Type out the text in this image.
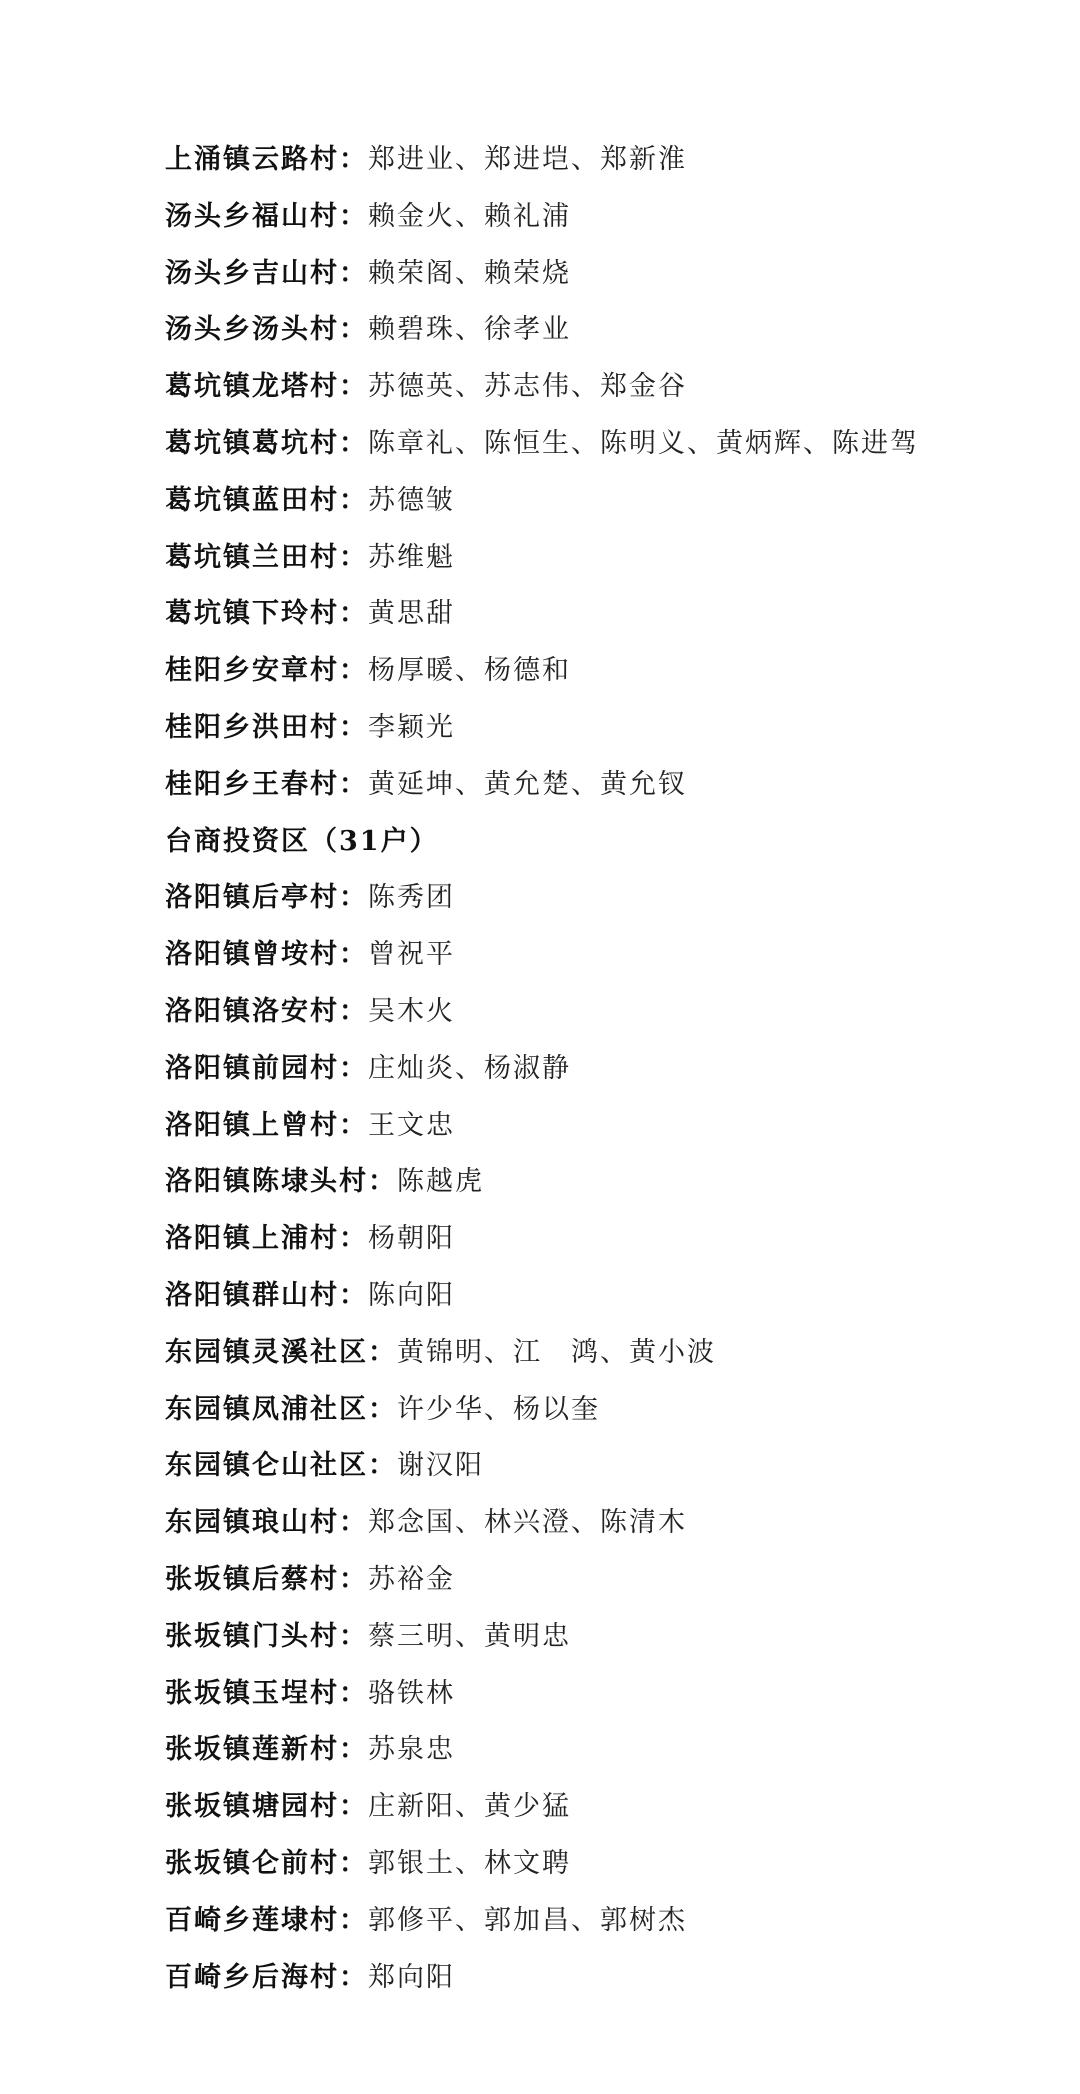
上涌镇云路村：郑进业、郑进垲、郑新淮
汤头乡福山村：赖金火、赖礼浦
汤头乡吉山村：赖荣阁、赖荣烧
汤头乡汤头村：赖碧珠、徐孝业
葛坑镇龙塔村：苏德英、苏志伟、郑金谷
葛坑镇葛坑村：陈章礼、陈恒生、陈明义、黄炳辉、陈进驾
葛坑镇蓝田村：苏德皱
葛坑镇兰田村：苏维魁
葛坑镇下玲村：黄思甜
桂阳乡安章村：杨厚暖、杨德和
桂阳乡洪田村：李颖光
桂阳乡王春村：黄延坤、黄允楚、黄允钗
台商投资区（31户）
洛阳镇后亭村：陈秀团
洛阳镇曾垵村：曾祝平
洛阳镇洛安村：吴木火
洛阳镇前园村：庄灿炎、杨淑静
洛阳镇上曾村：王文忠
洛阳镇陈埭头村：陈越虎
洛阳镇上浦村：杨朝阳
洛阳镇群山村：陈向阳
东园镇灵溪社区：黄锦明、江　鸿、黄小波
东园镇凤浦社区：许少华、杨以奎
东园镇仑山社区：谢汉阳
东园镇琅山村：郑念国、林兴澄、陈清木
张坂镇后蔡村：苏裕金
张坂镇门头村：蔡三明、黄明忠
张坂镇玉埕村：骆铁林
张坂镇莲新村：苏泉忠
张坂镇塘园村：庄新阳、黄少猛
张坂镇仑前村：郭银土、林文聘
百崎乡莲埭村：郭修平、郭加昌、郭树杰
百崎乡后海村：郑向阳
